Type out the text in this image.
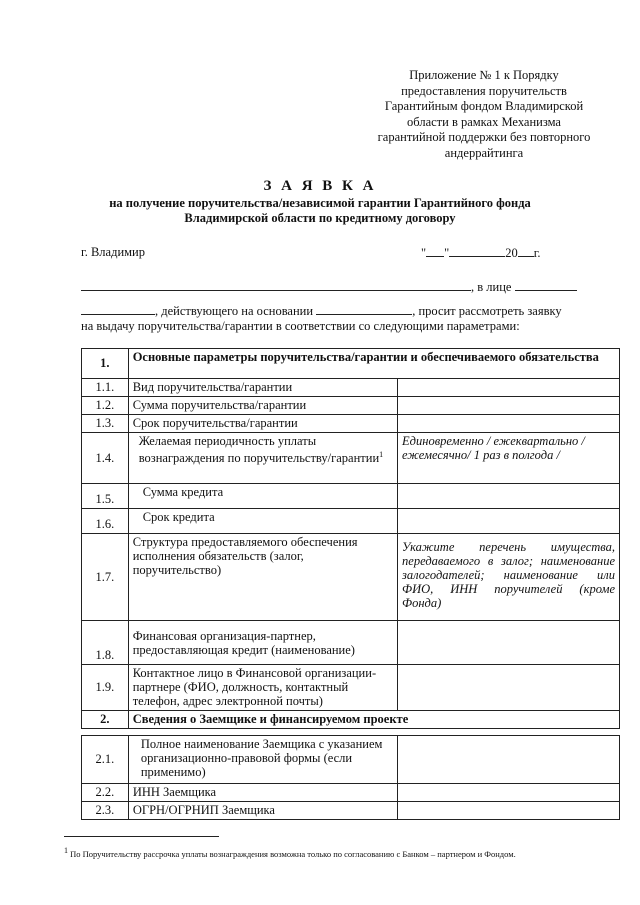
Приложение № 1 к Порядку
предоставления поручительств
Гарантийным фондом Владимирской
области в рамках Механизма
гарантийной поддержки без повторного
андеррайтинга
З А Я В К А
на получение поручительства/независимой гарантии Гарантийного фонда
Владимирской области по кредитному договору
г. Владимир	" "	20 г.
, в лице
, действующего на основании	, просит рассмотреть заявку
на выдачу поручительства/гарантии в соответствии со следующими параметрами:
1.	Основные параметры поручительства/гарантии и обеспечиваемого обязательства	
1.1.	Вид поручительства/гарантии	
1.2.	Сумма поручительства/гарантии	
1.3.	Срок поручительства/гарантии	
1.4.	Желаемая периодичность уплаты вознаграждения по поручительству/гарантии$^1$	Единовременно / ежеквартально / ежемесячно/ 1 раз в полгода /
1.5.	Сумма кредита	
1.6.	Срок кредита	
1.7.	Структура предоставляемого обеспечения исполнения обязательств (залог, поручительство)	Укажите перечень имущества,
передаваемого в залог; наименование
залогодателей; наименование или
ФИО, ИНН поручителей (кроме
Фонда)

1.8.	Финансовая организация-партнер, предоставляющая кредит (наименование)	
1.9.	Контактное лицо в Финансовой организации-партнере (ФИО, должность, контактный телефон, адрес электронной почты)	
2.	Сведения о Заемщике и финансируемом проекте	
2.1.	Полное наименование Заемщика с указанием организационно-правовой формы (если применимо)	
2.2.	ИНН Заемщика	
2.3.	ОГРН/ОГРНИП Заемщика	
$^1$ По Поручительству рассрочка уплаты вознаграждения возможна только по согласованию с Банком – партнером и Фондом.
